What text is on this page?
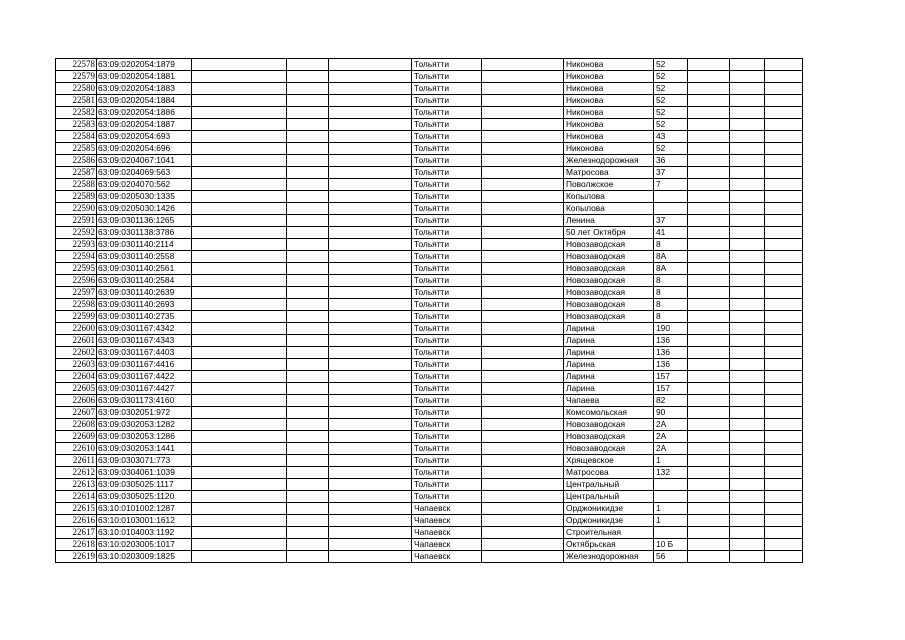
22578	63:09:0202054:1879				Тольятти		Никонова	52			
22579	63:09:0202054:1881				Тольятти		Никонова	52			
22580	63:09:0202054:1883				Тольятти		Никонова	52			
22581	63:09:0202054:1884				Тольятти		Никонова	52			
22582	63:09:0202054:1886				Тольятти		Никонова	52			
22583	63:09:0202054:1887				Тольятти		Никонова	52			
22584	63:09:0202054:693				Тольятти		Никонова	43			
22585	63:09:0202054:696				Тольятти		Никонова	52			
22586	63:09:0204067:1041				Тольятти		Железнодорожная	36			
22587	63:09:0204069:563				Тольятти		Матросова	37			
22588	63:09:0204070:562				Тольятти		Поволжское	7			
22589	63:09:0205030:1335				Тольятти		Копылова				
22590	63:09:0205030:1426				Тольятти		Копылова				
22591	63:09:0301136:1265				Тольятти		Ленина	37			
22592	63:09:0301138:3786				Тольятти		50 лет Октября	41			
22593	63:09:0301140:2114				Тольятти		Новозаводская	8			
22594	63:09:0301140:2558				Тольятти		Новозаводская	8А			
22595	63:09:0301140:2561				Тольятти		Новозаводская	8А			
22596	63:09:0301140:2584				Тольятти		Новозаводская	8			
22597	63:09:0301140:2639				Тольятти		Новозаводская	8			
22598	63:09:0301140:2693				Тольятти		Новозаводская	8			
22599	63:09:0301140:2735				Тольятти		Новозаводская	8			
22600	63:09:0301167:4342				Тольятти		Ларина	190			
22601	63:09:0301167:4343				Тольятти		Ларина	136			
22602	63:09:0301167:4403				Тольятти		Ларина	136			
22603	63:09:0301167:4416				Тольятти		Ларина	136			
22604	63:09:0301167:4422				Тольятти		Ларина	157			
22605	63:09:0301167:4427				Тольятти		Ларина	157			
22606	63:09:0301173:4160				Тольятти		Чапаева	82			
22607	63:09:0302051:972				Тольятти		Комсомольская	90			
22608	63:09:0302053:1282				Тольятти		Новозаводская	2А			
22609	63:09:0302053:1286				Тольятти		Новозаводская	2А			
22610	63:09:0302053:1441				Тольятти		Новозаводская	2А			
22611	63:09:0303071:773				Тольятти		Хрящевское	1			
22612	63:09:0304061:1039				Тольятти		Матросова	132			
22613	63:09:0305025:1117				Тольятти		Центральный				
22614	63:09:0305025:1120				Тольятти		Центральный				
22615	63:10:0101002:1287				Чапаевск		Орджоникидзе	1			
22616	63:10:0103001:1612				Чапаевск		Орджоникидзе	1			
22617	63:10:0104003:1192				Чапаевск		Строительная				
22618	63:10:0203005:1017				Чапаевск		Октябрьская	10 Б			
22619	63:10:0203009:1825				Чапаевск		Железнодорожная	56			
